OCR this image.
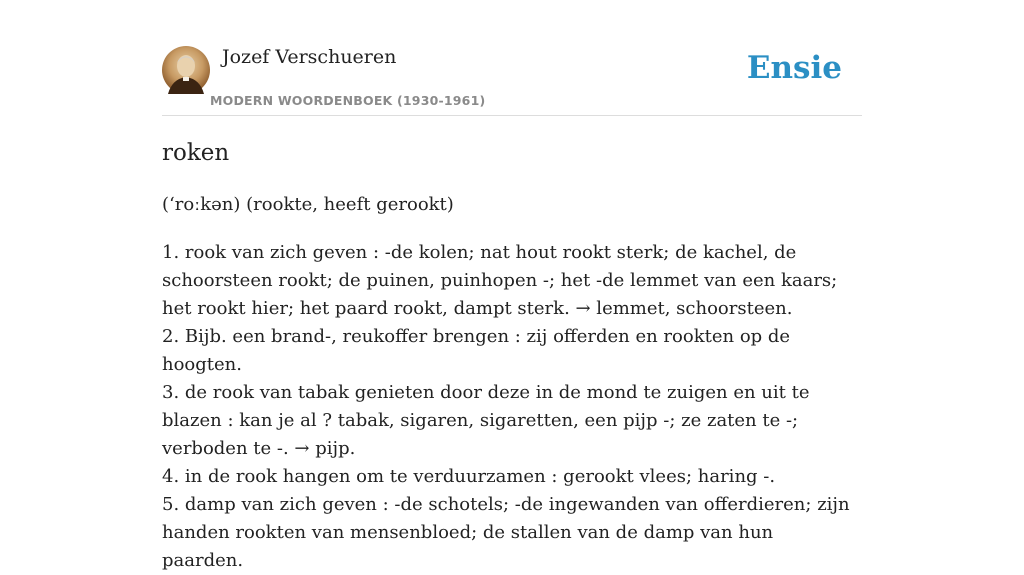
Jozef Verschueren
MODERN WOORDENBOEK (1930-1961)
Ensie
roken
(ʻroːkən) (rookte, heeft gerookt)

1. rook van zich geven : -de kolen; nat hout rookt sterk; de kachel, de schoorsteen rookt; de puinen, puinhopen -; het -de lemmet van een kaars; het rookt hier; het paard rookt, dampt sterk. → lemmet, schoorsteen.

2. Bijb. een brand-, reukoffer brengen : zij offerden en rookten op de hoogten.

3. de rook van tabak genieten door deze in de mond te zuigen en uit te blazen : kan je al ? tabak, sigaren, sigaretten, een pijp -; ze zaten te -; verboden te -. → pijp.

4. in de rook hangen om te verduurzamen : gerookt vlees; haring -.

5. damp van zich geven : -de schotels; -de ingewanden van offerdieren; zijn handen rookten van mensenbloed; de stallen van de damp van hun paarden.
